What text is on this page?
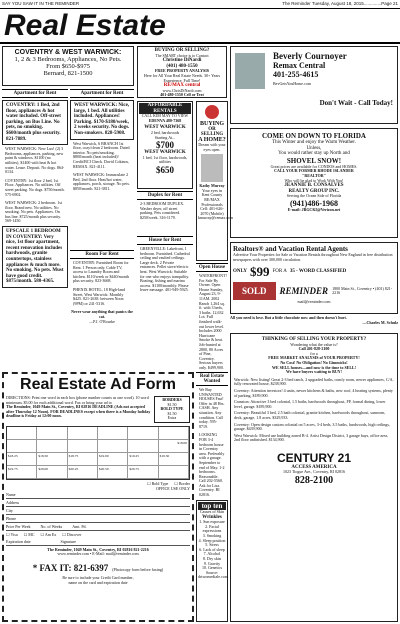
SAY YOU SAW IT IN THE REMINDER	The Reminder Tuesday, August 18, 2015..............Page 21
Real Estate
COVENTRY & WEST WARWICK:
1, 2 & 3 Bedrooms, Appliances, No Pets.
From $650-$975
Bernard, 821-1500
Apartment for Rent
COVENTRY: 1 Bed, 2nd floor, appliances & hot water included. Off-street parking, on Bus Line. No pets, no smoking. $600/month plus security. 821-7889.
WEST WARWICK: New Lux! (2) 3 Bedrooms, appliances, parking, new paint & windows. $1100 (no utilities), $1400 with heat & hot water. Lease. Deposit. No dogs. 864-0134.
COVENTRY: 1st floor 2 bed, 1st Floor. Appliances. No utilities. Off street parking. No dogs. $750/month. 575-6902.
WEST WARWICK: 2 bedroom. 1st floor. Brand new. No utilities. No smoking. No pets. Appliances. On bus line. $725/month plus security. 569-1450.
UPSCALE 1 BEDROOM IN COVENTRY: Very nice, 1st floor apartment, recent renovation includes hardwoods, granite countertops, stainless appliances & much more. No smoking. No pets. Must have good credit. $875/month. 580-4365.
Apartment for Rent
WEST WARWICK: Nice, large, 1 bed. All utilities included. Appliances! Parking. $170-$180/week, 2 weeks security. No dogs. Non-smokers. 828-5908.
West Warwick, 6 BRANCH 1st floor, cozy/clean 2 bedroom. Dated interior. No pets/smoking. $800/month (heat included)! Credit/BCI Check. David Cokinos, REMAX. 821-4111.
WEST WARWICK: Immaculate 2 Bed, 2nd floor. Heat/hot water, appliances, porch, storage. No pets. $850/month. 821-3811.
Room For Rent
COVENTRY: Furnished Room for Rent. 1 Person only. Cable TV, access to Laundry Room and kitchen. $110/week or $440/month plus security. 823-3668.
PHENIX HOTEL, 18 High-land Street, West Warwick: Monthly $425. 821-2638. between Noon (9PM) or 241-5316.
Never wear anything that panics the cat.
—P.J. O'Rourke
BUYING OR SELLING?
The SMART choice is to Contact
Christine DiNardi
(401) 480-1550
FREE PROPERTY ANALYSIS
Here for All Your Real Estate Needs. 30+ Years Experience. Full Time!
RE/MAX central
www.ChrisDiNardi.com
401-480-1550 Cell or Text
AFFORDABLE RENTALS
CALL KIM MAY TO VIEW
EDENVA 480-7368
WEST WARWICK
2 bed, hardwoods
Starting At...
$700
WEST WARWICK
1 bed, 1st floor, hardwoods,
utilities
$650
Duplex for Rent
2-3 BEDROOM DUPLEX. Washer dryer, off street parking. Pets considered. $250/week. 316-1179.
House for Rent
GREENVILLE: Lakefront, 1 bedroom. Furnished. Cathedral ceiling and vaulted ceilings. Large deck. 2 Private entrances. Pellet stove/electric heat. West Warwick: Suitable for one who enjoys tranquility. Boating, fishing and marina access. $1100/monthly. Please leave message. 401-949-5925.
BUYING
OR SELLING
A HOME?
Dream with your eyes open.
Kathy Murray
Your eyes in Kent County
RE/MAX Professionals
Cell: 401-626-2070 (Mobile)
kmurray@remax.com
Open House
WATERFRONT! For Sale By Owner. Open House Sunday, August 23, 9-11AM. 2002 Ranch 1,264 sq. ft. with 3 beds, 3 baths. 12,632 Lot. Full finished walk-out lower level. Includes 2000 Hurricane Smoke & heat. Job-hunted at 2800, 80 Acres of Pine, Coventry. Serious buyers only. $499,900.
Beverly Cournoyer
Remax Central
401-255-4615
BevGetsYouHome.com
Don't Wait - Call Today!
COME ON DOWN TO FLORIDA
This Winter and enjoy the Warm Weather.
Unless,
You would rather stay up North and
SHOVEL SNOW!
Great prices are available for CONDOS and HOMES.
CALL YOUR FORMER RHODE ISLANDER
"REALTOR"
Who will be glad to Work With You!
JEANNIE B. CONSALVES
REALTY GROUP INC.
Serving the Ocean Side of Florida
(941)486-1968
E-mail: JBGCKI@Verizon.net
Realtors® and Vacation Rental Agents
Advertise Your Properties for Sale or Vacation Rentals throughout New England in free distribution newspapers with over 300,000 circulation.
ONLY $99 FOR A 35 - WORD CLASSIFIED
SOLD	REMINDER 1800 Main St., Coventry • (401) 821-2216
mail@reminder.com
All you need is love. But a little chocolate now and then doesn't hurt.
—Charles M. Schulz
THINKING OF SELLING YOUR PROPERTY?
Wondering what the value is?
Call 401-828-2100
for a
FREE MARKET ANALYSIS of YOUR PROPERTY!
No Cost! No Obligation! No Gimmicks!
WE SELL houses....and now is the time to SELL!
We have buyers waiting to BUY!
Warwick: New listing! Great 2-3 bed ranch, 2 upgraded baths, comfy room, newer appliances, C/A, fully renovated house, $238,900.
Coventry: Attention investors! 4 units, newer kitchens & baths, new roof, 4 heating systems, plenty of parking, $189,900.
Cranston: Attractive 3 bed colonial, 1.5 baths, hardwoods throughout, FP, formal dining, lower level, garage. $189,900.
Coventry: Beautiful 3 bed, 2.5 bath colonial, granite kitchen, hardwoods throughout, sunroom, deck, garage, 1.8 acres. $329,933.
Coventry: Open design custom colonial on 5 acres, 3-4 beds, 3.5 baths, hardwoods, high ceilings, garage. $439,900.
West Warwick: Mixed use building zoned B-4. Artist Design District, 3 garage bays, office area, 2nd floor unfinished. $134,900.
CENTURY 21
ACCESS AMERICA
1023 Tiogue Ave., Coventry, RI 02816
828-2100
Real Estate Ad Form
DIRECTIONS: Print one word in each box (phone number counts as one word). 10 word minimum. $5.00 for each additional word. Fax or bring your ad to
The Reminder, 1049 Main St., Coventry, RI 02816 DEADLINE (Ads not accepted after Thursday 12 Noon). FOR DEADLINES except when there is a Monday holiday deadline is Friday at 12:00 noon.
BORDERS
$1.50
BOLD TYPE
$1.50
Extra
$18.00
$18.25	$18.50	$18.75	$19.00	$19.25	$19.50
$19.75	$20.00	$20.25	$20.50	$20.75
☐ Bold Type ☐ Border
OFFICE USE ONLY
Name
Address
City
Phone
Price Per Week	No. of Weeks	Amt. Pd.
☐ Visa ☐ MC ☐ Am Ex ☐ Discover
Expiration date	Signature
The Reminder, 1049 Main St., Coventry, RI 02816 821-2216
www.reminder.com • E-Mail: mail@reminder.com
* FAX IT: 821-6397 (Photocopy form before faxing)
Be sure to include your Credit Card number,
name on the card and expiration date
Real Estate Wanted
We Buy UNWANTED HOUSES Fast! Offer in 48 Hrs. CASH. Any situation. Any condition. Call today. 595-8719.
LOOKING FOR 3-4 bedroom house in Coventry area. Preferably with a garage. September to end of May. 1-2 bedrooms. Reasonable. Call 202-5560. Ask for Lisa. Coventry. RI 02816.
top ten
Causes of Skin
Wrinkles
1. Sun exposure
2. Facial expressions
3. Smoking
4. Sleep position
5. Stress
6. Lack of sleep
7. Alcohol
8. Dry skin
9. Gravity
10. Genetics
Source: drtwomediale.com
